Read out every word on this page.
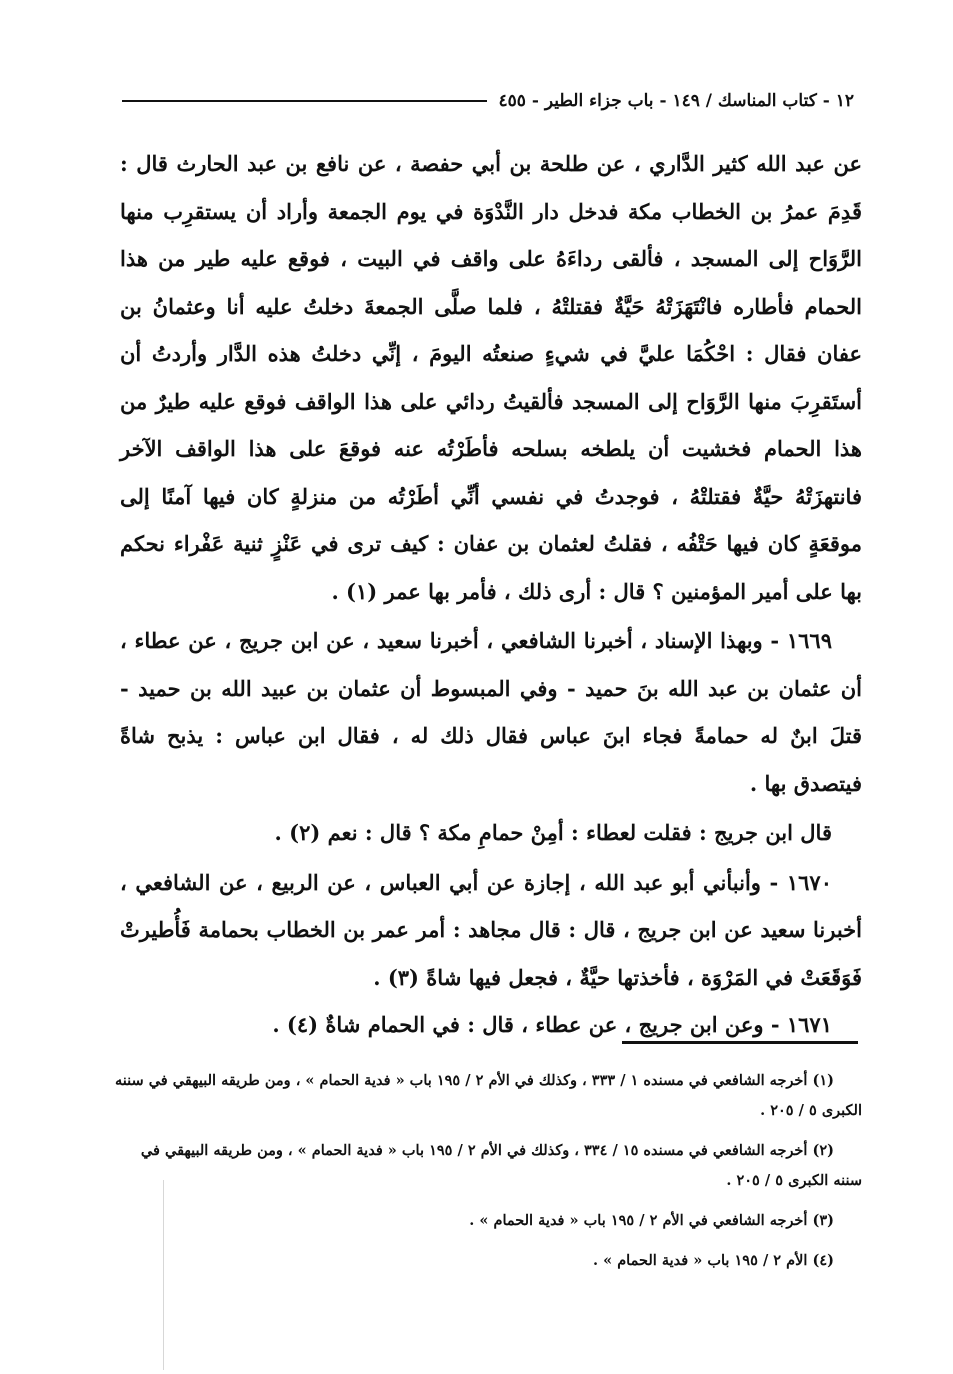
١٢ - كتاب المناسك / ١٤٩ - باب جزاء الطير - ٤٥٥

عن عبد الله كثير الدَّاري ، عن طلحة بن أبي حفصة ، عن نافع بن عبد الحارث قال : قَدِمَ عمرُ بن الخطاب مكة فدخل دار النَّدْوَة في يوم الجمعة وأراد أن يستقرِب منها الرَّوَاح إلى المسجد ، فألقى رداءَهُ على واقف في البيت ، فوقع عليه طير من هذا الحمام فأطاره فانْتَهَزَتْهُ حَيَّةٌ فقتلتْهُ ، فلما صلَّى الجمعةَ دخلتُ عليه أنا وعثمانُ بن عفان فقال : احْكُمَا عليَّ في شيءٍ صنعتُه اليومَ ، إنِّي دخلتُ هذه الدَّار وأردتُ أن أستَقرِبَ منها الرَّوَاح إلى المسجد فألقيتُ ردائي على هذا الواقف فوقع عليه طيرٌ من هذا الحمام فخشيت أن يلطخه بسلحه فأطَرْتُه عنه فوقعَ على هذا الواقف الآخر فانتهزَتْهُ حيَّةٌ فقتلتْهُ ، فوجدتُ في نفسي أنِّي أطَرْتُه من منزلةٍ كان فيها آمنًا إلى موقعَةٍ كان فيها حَتْفُه ، فقلتُ لعثمان بن عفان : كيف ترى في عَنْزٍ ثنية عَفْراء نحكم بها على أمير المؤمنين ؟ قال : أرى ذلك ، فأمر بها عمر (١) .

١٦٦٩ - وبهذا الإسناد ، أخبرنا الشافعي ، أخبرنا سعيد ، عن ابن جريج ، عن عطاء ، أن عثمان بن عبد الله بنَ حميد - وفي المبسوط أن عثمان بن عبيد الله بن حميد - قتلَ ابنٌ له حمامةً فجاء ابنَ عباس فقال ذلك له ، فقال ابن عباس : يذبح شاةً فيتصدق بها .

قال ابن جريج : فقلت لعطاء : أمِنْ حمامِ مكة ؟ قال : نعم (٢) .

١٦٧٠ - وأنبأني أبو عبد الله ، إجازة عن أبي العباس ، عن الربيع ، عن الشافعي ، أخبرنا سعيد عن ابن جريج ، قال : قال مجاهد : أمر عمر بن الخطاب بحمامة فَأُطيرتْ فَوَقَعَتْ في المَرْوَة ، فأخذتها حيَّةٌ ، فجعل فيها شاةً (٣) .

١٦٧١ - وعن ابن جريج ، عن عطاء ، قال : في الحمام شاةٌ (٤) .

(١) أخرجه الشافعي في مسنده ١ / ٣٣٣ ، وكذلك في الأم ٢ / ١٩٥ باب « فدية الحمام » ، ومن طريقه البيهقي في سننه الكبرى ٥ / ٢٠٥ .

(٢) أخرجه الشافعي في مسنده ١٥ / ٣٣٤ ، وكذلك في الأم ٢ / ١٩٥ باب « فدية الحمام » ، ومن طريقه البيهقي في سننه الكبرى ٥ / ٢٠٥ .

(٣) أخرجه الشافعي في الأم ٢ / ١٩٥ باب « فدية الحمام » .

(٤) الأم ٢ / ١٩٥ باب « فدية الحمام » .
